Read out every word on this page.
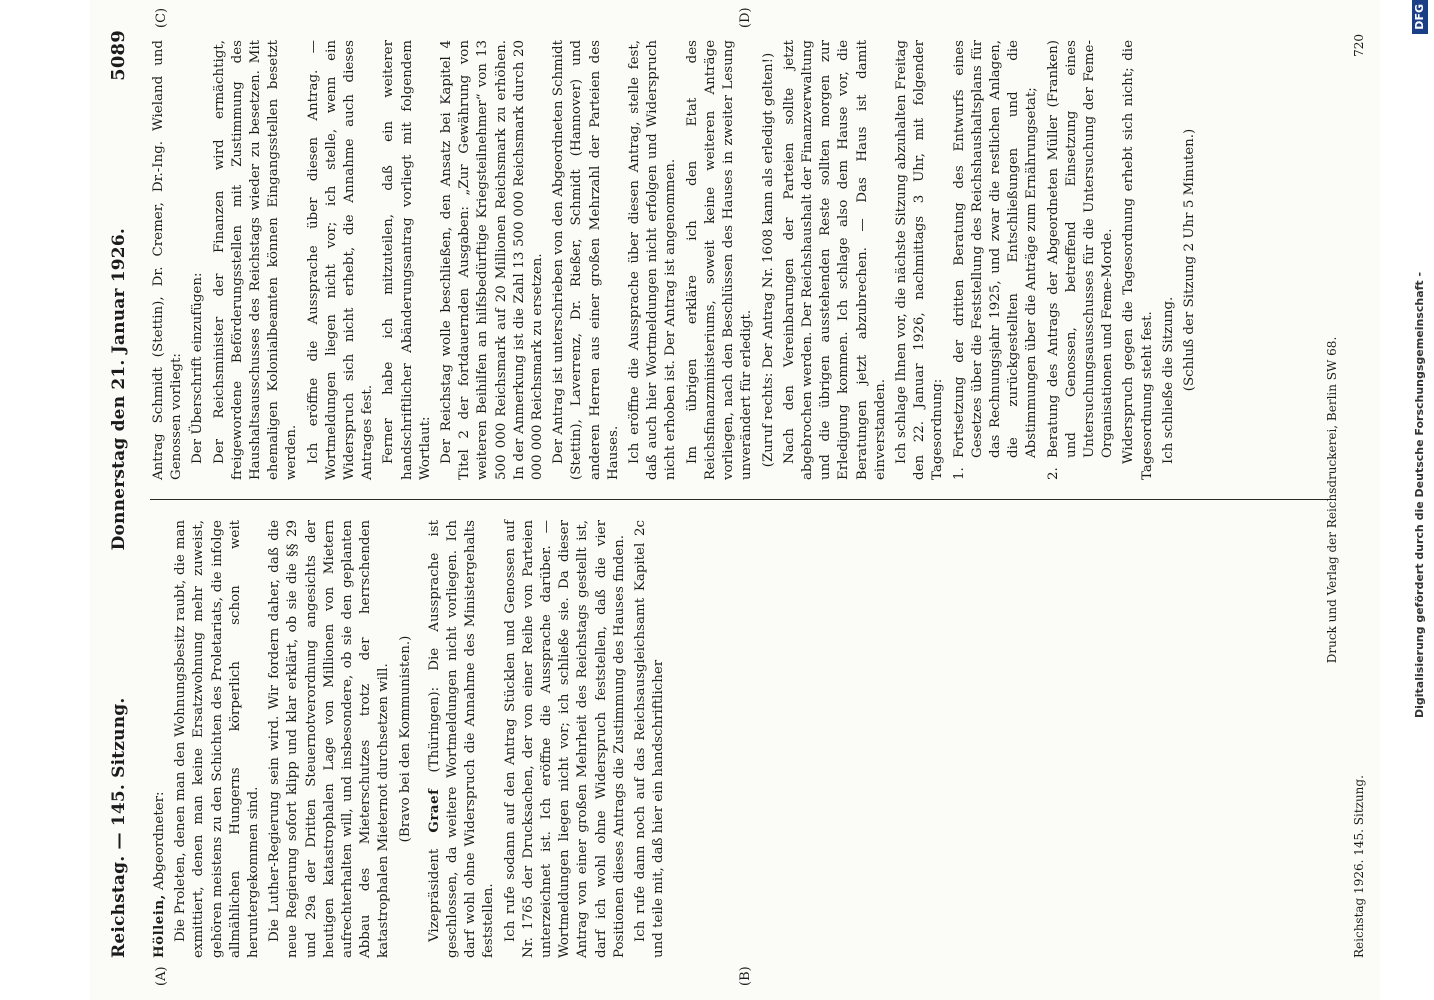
Reichstag. — 145. Sitzung.
Donnerstag den 21. Januar 1926.
5089
(A)	(B)
(C)	(D)

Höllein, Abgeordneter: Die Proleten, denen man den Wohnungsbesitz raubt, die man exmittiert, denen man keine Ersatzwohnung mehr zuweist, gehören meistens zu den Schichten des Proletariats, die infolge allmählichen Hungerns körperlich schon weit heruntergekommen sind. Die Luther-Regierung sein wird. Wir fordern daher, daß die neue Regierung sofort klipp und klar erklärt, ob sie die §§ 29 und 29a der Dritten Steuernotverordnung angesichts der heutigen katastrophalen Lage von Millionen von Mietern aufrechterhalten will, und insbesondere, ob sie den geplanten Abbau des Mieterschutzes trotz der herrschenden katastrophalen Mieternot durchsetzen will. (Bravo bei den Kommunisten.)

Vizepräsident Graef (Thüringen): Die Aussprache ist geschlossen, da weitere Wortmeldungen nicht vorliegen. Ich darf wohl ohne Widerspruch die Annahme des Ministergehalts feststellen. Ich rufe sodann auf den Antrag Stücklen und Genossen auf Nr. 1765 der Drucksachen, der von einer Reihe von Parteien unterzeichnet ist. Ich eröffne die Aussprache darüber. — Wortmeldungen liegen nicht vor; ich schließe sie. Da dieser Antrag von einer großen Mehrheit des Reichstags gestellt ist, darf ich wohl ohne Widerspruch feststellen, daß die vier Positionen dieses Antrags die Zustimmung des Hauses finden. Ich rufe dann noch auf das Reichsausgleichsamt Kapitel 2c und teile mit, daß hier ein handschriftlicher

Antrag Schmidt (Stettin), Dr. Cremer, Dr.-Ing. Wieland und Genossen vorliegt: Der Überschrift einzufügen: Der Reichsminister der Finanzen wird ermächtigt, freigewordene Beförderungsstellen mit Zustimmung des Haushaltsausschusses des Reichstags wieder zu besetzen. Mit ehemaligen Kolonialbeamten können Eingangsstellen besetzt werden. Ich eröffne die Aussprache über diesen Antrag. — Wortmeldungen liegen nicht vor; ich stelle, wenn ein Widerspruch sich nicht erhebt, die Annahme auch dieses Antrages fest. Ferner habe ich mitzuteilen, daß ein weiterer handschriftlicher Abänderungsantrag vorliegt mit folgendem Wortlaut: Der Reichstag wolle beschließen, den Ansatz bei Kapitel 4 Titel 2 der fortdauernden Ausgaben: „Zur Gewährung von weiteren Beihilfen an hilfsbedürftige Kriegsteilnehmer“ von 13 500 000 Reichsmark auf 20 Millionen Reichsmark zu erhöhen. In der Anmerkung ist die Zahl 13 500 000 Reichsmark durch 20 000 000 Reichsmark zu ersetzen. Der Antrag ist unterschrieben von den Abgeordneten Schmidt (Stettin), Laverrenz, Dr. Rießer, Schmidt (Hannover) und anderen Herren aus einer großen Mehrzahl der Parteien des Hauses. Ich eröffne die Aussprache über diesen Antrag, stelle fest, daß auch hier Wortmeldungen nicht erfolgen und Widerspruch nicht erhoben ist. Der Antrag ist angenommen. Im übrigen erkläre ich den Etat des Reichsfinanzministeriums, soweit keine weiteren Anträge vorliegen, nach den Beschlüssen des Hauses in zweiter Lesung unverändert für erledigt. (Zuruf rechts: Der Antrag Nr. 1608 kann als erledigt gelten!) Nach den Vereinbarungen der Parteien sollte jetzt abgebrochen werden. Der Reichshaushalt der Finanzverwaltung und die übrigen ausstehenden Reste sollten morgen zur Erledigung kommen. Ich schlage also dem Hause vor, die Beratungen jetzt abzubrechen. — Das Haus ist damit einverstanden. Ich schlage Ihnen vor, die nächste Sitzung abzuhalten Freitag den 22. Januar 1926, nachmittags 3 Uhr, mit folgender Tagesordnung: 1.
Fortsetzung der dritten Beratung des Entwurfs eines Gesetzes über die Feststellung des Reichshaushaltsplans für das Rechnungsjahr 1925, und zwar die restlichen Anlagen, die zurückgestellten Entschließungen und die Abstimmungen über die Anträge zum Ernährungsetat;
2.
Beratung des Antrags der Abgeordneten Müller (Franken) und Genossen, betreffend Einsetzung eines Untersuchungsausschusses für die Untersuchung der Feme-Organisationen und Feme-Morde. Widerspruch gegen die Tagesordnung erhebt sich nicht; die Tagesordnung steht fest. Ich schließe die Sitzung. (Schluß der Sitzung 2 Uhr 5 Minuten.)

Druck und Verlag der Reichsdruckerei, Berlin SW 68.
Reichstag 1926. 145. Sitzung.
720
Digitalisierung gefördert durch die Deutsche Forschungsgemeinschaft -
DFG
